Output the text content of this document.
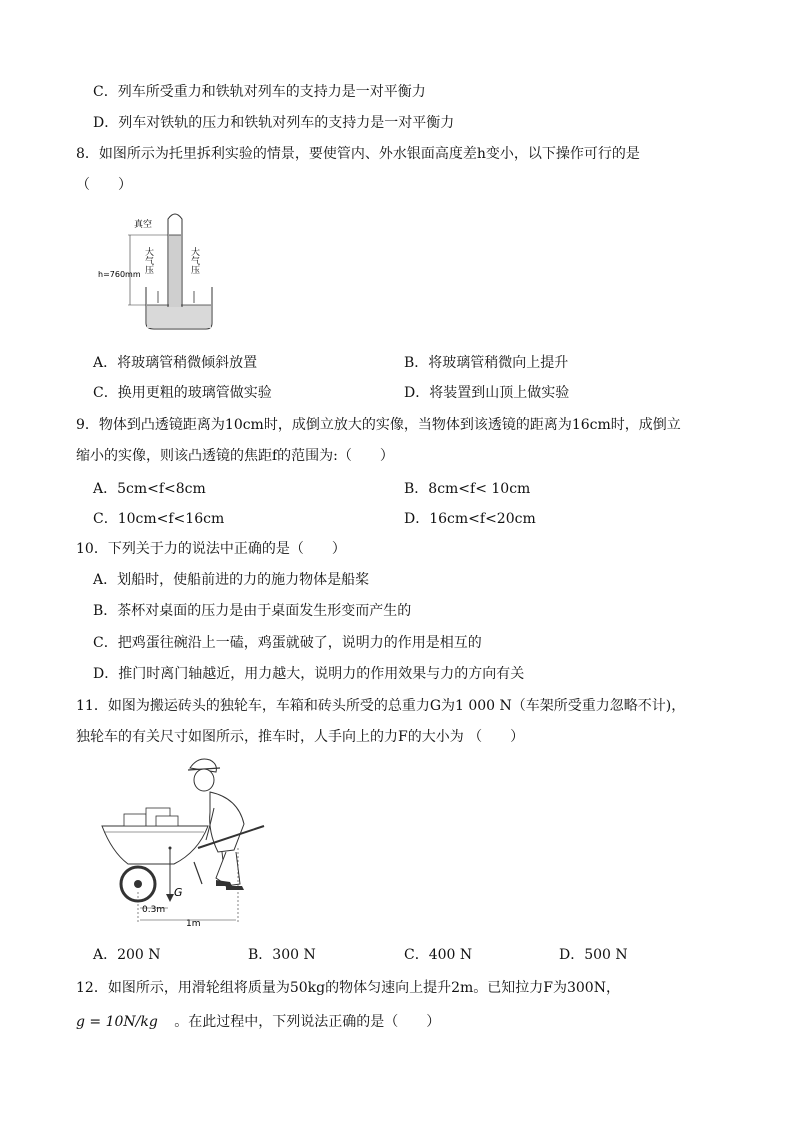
C．列车所受重力和铁轨对列车的支持力是一对平衡力
D．列车对铁轨的压力和铁轨对列车的支持力是一对平衡力
8．如图所示为托里拆利实验的情景，要使管内、外水银面高度差h变小，以下操作可行的是
（　　）
真空
h=760mm
大气压	大气压
A．将玻璃管稍微倾斜放置	B．将玻璃管稍微向上提升
C．换用更粗的玻璃管做实验	D．将装置到山顶上做实验
9．物体到凸透镜距离为10cm时，成倒立放大的实像，当物体到该透镜的距离为16cm时，成倒立
缩小的实像，则该凸透镜的焦距f的范围为:（　　）
A．5cm<f<8cm	B．8cm<f< 10cm
C．10cm<f<16cm	D．16cm<f<20cm
10．下列关于力的说法中正确的是（　　）
A．划船时，使船前进的力的施力物体是船桨
B．茶杯对桌面的压力是由于桌面发生形变而产生的
C．把鸡蛋往碗沿上一磕，鸡蛋就破了，说明力的作用是相互的
D．推门时离门轴越近，用力越大，说明力的作用效果与力的方向有关
11．如图为搬运砖头的独轮车，车箱和砖头所受的总重力G为1 000 N（车架所受重力忽略不计)，
独轮车的有关尺寸如图所示，推车时，人手向上的力F的大小为 （　　）
G
0.3m
1m
A．200 N	B．300 N	C．400 N	D．500 N
12．如图所示，用滑轮组将质量为50kg的物体匀速向上提升2m。已知拉力F为300N，
g = 10N/kg 。在此过程中，下列说法正确的是（　　）
